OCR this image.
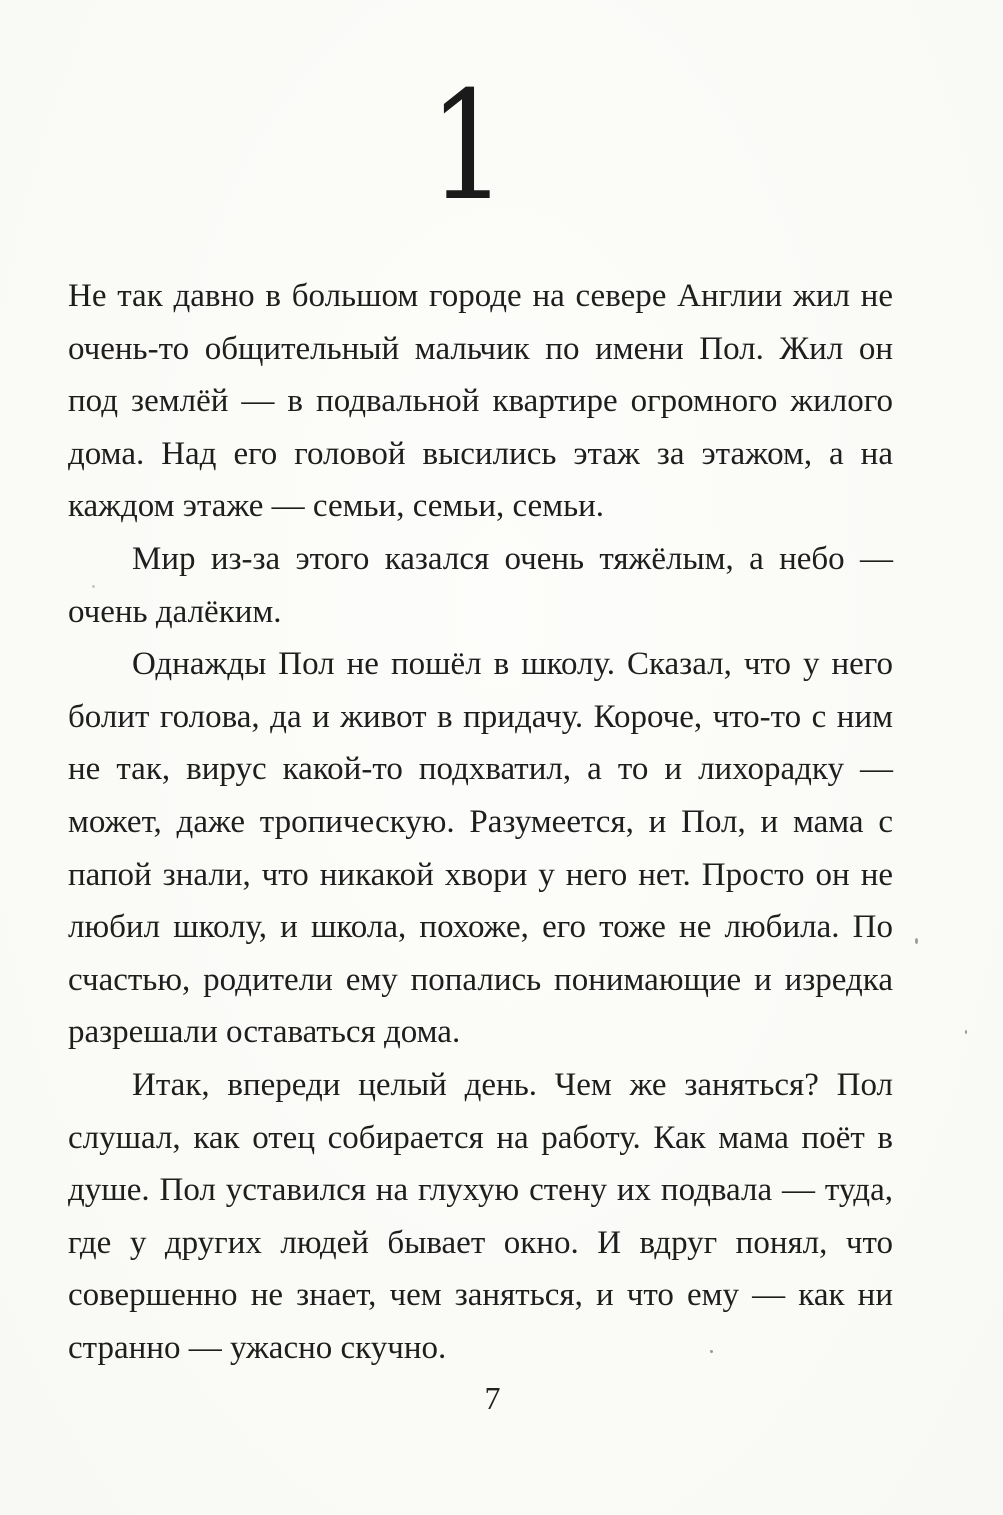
1

Не так давно в большом городе на севере Англии жил не очень-то общительный мальчик по имени Пол. Жил он под землёй — в подвальной квартире огромного жилого дома. Над его головой высились этаж за этажом, а на каждом этаже — семьи, семьи, семьи.

Мир из-за этого казался очень тяжёлым, а небо — очень далёким.

Однажды Пол не пошёл в школу. Сказал, что у него болит голова, да и живот в придачу. Короче, что-то с ним не так, вирус какой-то подхватил, а то и лихорадку — может, даже тропическую. Разумеется, и Пол, и мама с папой знали, что никакой хвори у него нет. Просто он не любил школу, и школа, похоже, его тоже не любила. По счастью, родители ему попались понимающие и изредка разрешали оставаться дома.

Итак, впереди целый день. Чем же заняться? Пол слушал, как отец собирается на работу. Как мама поёт в душе. Пол уставился на глухую стену их подвала — туда, где у других людей бывает окно. И вдруг понял, что совершенно не знает, чем заняться, и что ему — как ни странно — ужасно скучно.

7
